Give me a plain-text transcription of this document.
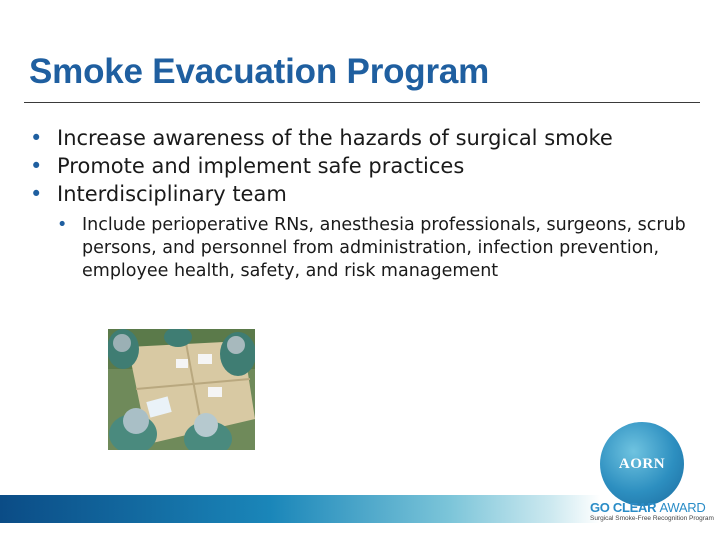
Smoke Evacuation Program
• Increase awareness of the hazards of surgical smoke
• Promote and implement safe practices
• Interdisciplinary team
• Include perioperative RNs, anesthesia professionals, surgeons, scrub persons, and personnel from administration, infection prevention, employee health, safety, and risk management
AORN
GO CLEAR AWARD
Surgical Smoke-Free Recognition Program
